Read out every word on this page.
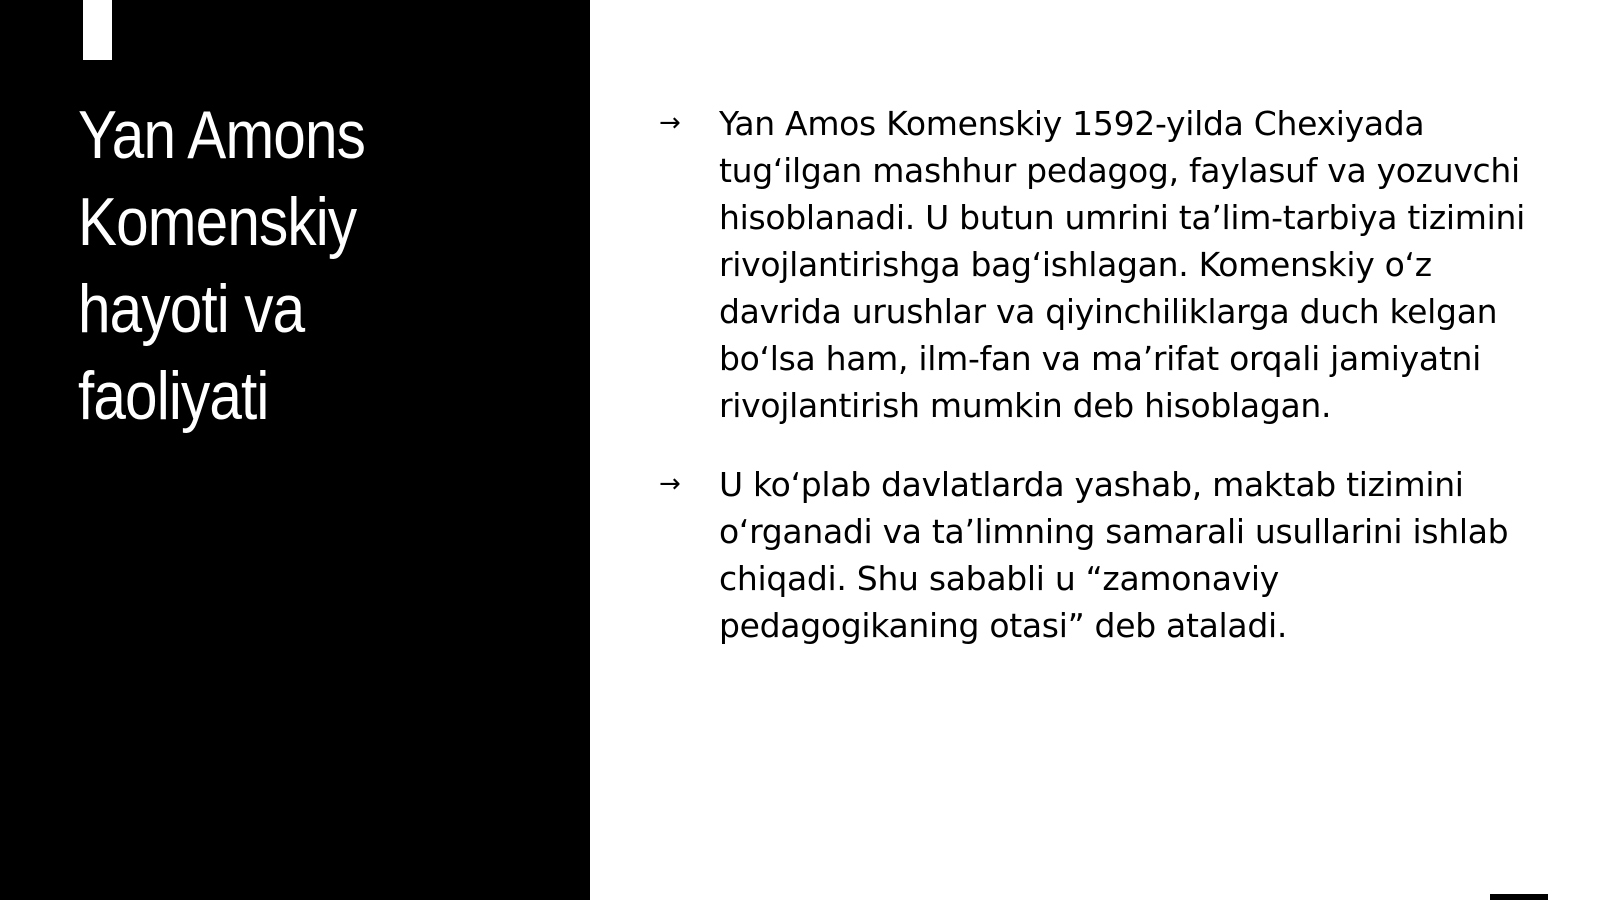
Yan Amons
Komenskiy
hayoti va
faoliyati
→ Yan Amos Komenskiy 1592-yilda Chexiyada tug‘ilgan mashhur pedagog, faylasuf va yozuvchi hisoblanadi. U butun umrini ta’lim-tarbiya tizimini rivojlantirishga bag‘ishlagan. Komenskiy o‘z davrida urushlar va qiyinchiliklarga duch kelgan bo‘lsa ham, ilm-fan va ma’rifat orqali jamiyatni rivojlantirish mumkin deb hisoblagan.
→ U ko‘plab davlatlarda yashab, maktab tizimini o‘rganadi va ta’limning samarali usullarini ishlab chiqadi. Shu sababli u “zamonaviy pedagogikaning otasi” deb ataladi.
